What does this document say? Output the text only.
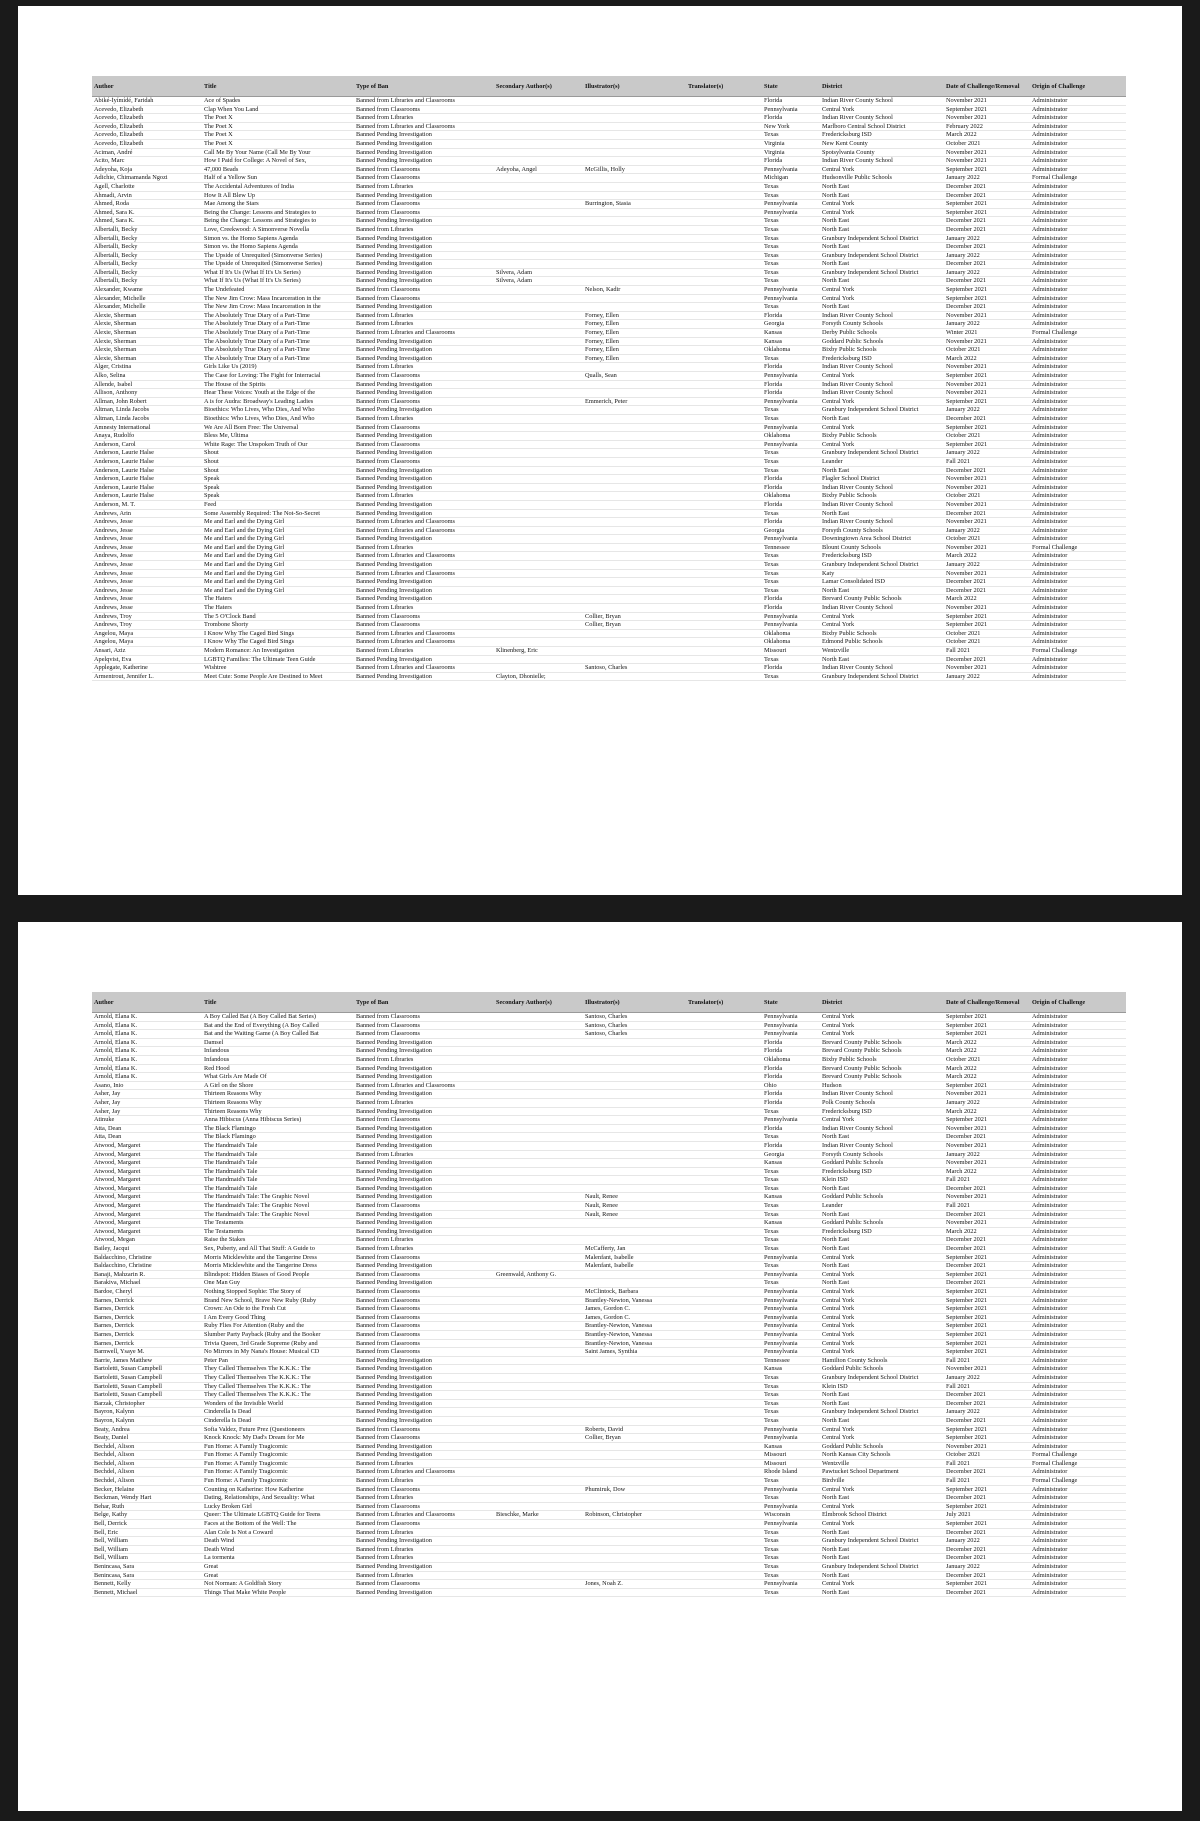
Author	Title	Type of Ban	Secondary Author(s)	Illustrator(s)	Translator(s)	State	District	Date of Challenge/Removal	Origin of Challenge
Abiké-Íyímídé, Faridah	Ace of Spades	Banned from Libraries and Classrooms				Florida	Indian River County School	November 2021	Administrator
Acevedo, Elizabeth	Clap When You Land	Banned from Classrooms				Pennsylvania	Central York	September 2021	Administrator
Acevedo, Elizabeth	The Poet X	Banned from Libraries				Florida	Indian River County School	November 2021	Administrator
Acevedo, Elizabeth	The Poet X	Banned from Libraries and Classrooms				New York	Marlboro Central School District	February 2022	Administrator
Acevedo, Elizabeth	The Poet X	Banned Pending Investigation				Texas	Fredericksburg ISD	March 2022	Administrator
Acevedo, Elizabeth	The Poet X	Banned Pending Investigation				Virginia	New Kent County	October 2021	Administrator
Aciman, André	Call Me By Your Name (Call Me By Your	Banned Pending Investigation				Virginia	Spotsylvania County	November 2021	Administrator
Acito, Marc	How I Paid for College: A Novel of Sex,	Banned Pending Investigation				Florida	Indian River County School	November 2021	Administrator
Adeyoha, Koja	47,000 Beads	Banned from Classrooms	Adeyoha, Angel	McGillis, Holly		Pennsylvania	Central York	September 2021	Administrator
Adichie, Chimamanda Ngozi	Half of a Yellow Sun	Banned from Classrooms				Michigan	Hudsonville Public Schools	January 2022	Formal Challenge
Agell, Charlotte	The Accidental Adventures of India	Banned from Libraries				Texas	North East	December 2021	Administrator
Ahmadi, Arvin	How It All Blew Up	Banned Pending Investigation				Texas	North East	December 2021	Administrator
Ahmed, Roda	Mae Among the Stars	Banned from Classrooms		Burrington, Stasia		Pennsylvania	Central York	September 2021	Administrator
Ahmed, Sara K.	Being the Change: Lessons and Strategies to	Banned from Classrooms				Pennsylvania	Central York	September 2021	Administrator
Ahmed, Sara K.	Being the Change: Lessons and Strategies to	Banned Pending Investigation				Texas	North East	December 2021	Administrator
Albertalli, Becky	Love, Creekwood: A Simonverse Novella	Banned from Libraries				Texas	North East	December 2021	Administrator
Albertalli, Becky	Simon vs. the Homo Sapiens Agenda	Banned Pending Investigation				Texas	Granbury Independent School District	January 2022	Administrator
Albertalli, Becky	Simon vs. the Homo Sapiens Agenda	Banned Pending Investigation				Texas	North East	December 2021	Administrator
Albertalli, Becky	The Upside of Unrequited (Simonverse Series)	Banned Pending Investigation				Texas	Granbury Independent School District	January 2022	Administrator
Albertalli, Becky	The Upside of Unrequited (Simonverse Series)	Banned Pending Investigation				Texas	North East	December 2021	Administrator
Albertalli, Becky	What If It's Us (What If It's Us Series)	Banned Pending Investigation	Silvera, Adam			Texas	Granbury Independent School District	January 2022	Administrator
Albertalli, Becky	What If It's Us (What If It's Us Series)	Banned Pending Investigation	Silvera, Adam			Texas	North East	December 2021	Administrator
Alexander, Kwame	The Undefeated	Banned from Classrooms		Nelson, Kadir		Pennsylvania	Central York	September 2021	Administrator
Alexander, Michelle	The New Jim Crow: Mass Incarceration in the	Banned from Classrooms				Pennsylvania	Central York	September 2021	Administrator
Alexander, Michelle	The New Jim Crow: Mass Incarceration in the	Banned Pending Investigation				Texas	North East	December 2021	Administrator
Alexie, Sherman	The Absolutely True Diary of a Part-Time	Banned from Libraries		Forney, Ellen		Florida	Indian River County School	November 2021	Administrator
Alexie, Sherman	The Absolutely True Diary of a Part-Time	Banned from Libraries		Forney, Ellen		Georgia	Forsyth County Schools	January 2022	Administrator
Alexie, Sherman	The Absolutely True Diary of a Part-Time	Banned from Libraries and Classrooms		Forney, Ellen		Kansas	Derby Public Schools	Winter 2021	Formal Challenge
Alexie, Sherman	The Absolutely True Diary of a Part-Time	Banned Pending Investigation		Forney, Ellen		Kansas	Goddard Public Schools	November 2021	Administrator
Alexie, Sherman	The Absolutely True Diary of a Part-Time	Banned Pending Investigation		Forney, Ellen		Oklahoma	Bixby Public Schools	October 2021	Administrator
Alexie, Sherman	The Absolutely True Diary of a Part-Time	Banned Pending Investigation		Forney, Ellen		Texas	Fredericksburg ISD	March 2022	Administrator
Alger, Cristina	Girls Like Us (2019)	Banned from Libraries				Florida	Indian River County School	November 2021	Administrator
Alko, Selina	The Case for Loving: The Fight for Interracial	Banned from Classrooms		Qualls, Sean		Pennsylvania	Central York	September 2021	Administrator
Allende, Isabel	The House of the Spirits	Banned Pending Investigation				Florida	Indian River County School	November 2021	Administrator
Allison, Anthony	Hear These Voices: Youth at the Edge of the	Banned Pending Investigation				Florida	Indian River County School	November 2021	Administrator
Allman, John Robert	A is for Audra: Broadway's Leading Ladies	Banned from Classrooms		Emmerich, Peter		Pennsylvania	Central York	September 2021	Administrator
Altman, Linda Jacobs	Bioethics: Who Lives, Who Dies, And Who	Banned Pending Investigation				Texas	Granbury Independent School District	January 2022	Administrator
Altman, Linda Jacobs	Bioethics: Who Lives, Who Dies, And Who	Banned from Libraries				Texas	North East	December 2021	Administrator
Amnesty International	We Are All Born Free: The Universal	Banned from Classrooms				Pennsylvania	Central York	September 2021	Administrator
Anaya, Rudolfo	Bless Me, Ultima	Banned Pending Investigation				Oklahoma	Bixby Public Schools	October 2021	Administrator
Anderson, Carol	White Rage: The Unspoken Truth of Our	Banned from Classrooms				Pennsylvania	Central York	September 2021	Administrator
Anderson, Laurie Halse	Shout	Banned Pending Investigation				Texas	Granbury Independent School District	January 2022	Administrator
Anderson, Laurie Halse	Shout	Banned from Classrooms				Texas	Leander	Fall 2021	Administrator
Anderson, Laurie Halse	Shout	Banned Pending Investigation				Texas	North East	December 2021	Administrator
Anderson, Laurie Halse	Speak	Banned Pending Investigation				Florida	Flagler School District	November 2021	Administrator
Anderson, Laurie Halse	Speak	Banned Pending Investigation				Florida	Indian River County School	November 2021	Administrator
Anderson, Laurie Halse	Speak	Banned from Libraries				Oklahoma	Bixby Public Schools	October 2021	Administrator
Anderson, M. T.	Feed	Banned Pending Investigation				Florida	Indian River County School	November 2021	Administrator
Andrews, Arin	Some Assembly Required: The Not-So-Secret	Banned Pending Investigation				Texas	North East	December 2021	Administrator
Andrews, Jesse	Me and Earl and the Dying Girl	Banned from Libraries and Classrooms				Florida	Indian River County School	November 2021	Administrator
Andrews, Jesse	Me and Earl and the Dying Girl	Banned from Libraries and Classrooms				Georgia	Forsyth County Schools	January 2022	Administrator
Andrews, Jesse	Me and Earl and the Dying Girl	Banned Pending Investigation				Pennsylvania	Downingtown Area School District	October 2021	Administrator
Andrews, Jesse	Me and Earl and the Dying Girl	Banned from Libraries				Tennessee	Blount County Schools	November 2021	Formal Challenge
Andrews, Jesse	Me and Earl and the Dying Girl	Banned from Libraries and Classrooms				Texas	Fredericksburg ISD	March 2022	Administrator
Andrews, Jesse	Me and Earl and the Dying Girl	Banned Pending Investigation				Texas	Granbury Independent School District	January 2022	Administrator
Andrews, Jesse	Me and Earl and the Dying Girl	Banned from Libraries and Classrooms				Texas	Katy	November 2021	Administrator
Andrews, Jesse	Me and Earl and the Dying Girl	Banned Pending Investigation				Texas	Lamar Consolidated ISD	December 2021	Administrator
Andrews, Jesse	Me and Earl and the Dying Girl	Banned Pending Investigation				Texas	North East	December 2021	Administrator
Andrews, Jesse	The Haters	Banned Pending Investigation				Florida	Brevard County Public Schools	March 2022	Administrator
Andrews, Jesse	The Haters	Banned from Libraries				Florida	Indian River County School	November 2021	Administrator
Andrews, Troy	The 5 O'Clock Band	Banned from Classrooms		Collier, Bryan		Pennsylvania	Central York	September 2021	Administrator
Andrews, Troy	Trombone Shorty	Banned from Classrooms		Collier, Bryan		Pennsylvania	Central York	September 2021	Administrator
Angelou, Maya	I Know Why The Caged Bird Sings	Banned from Libraries and Classrooms				Oklahoma	Bixby Public Schools	October 2021	Administrator
Angelou, Maya	I Know Why The Caged Bird Sings	Banned from Libraries and Classrooms				Oklahoma	Edmond Public Schools	October 2021	Administrator
Ansari, Aziz	Modern Romance: An Investigation	Banned from Libraries	Klinenberg, Eric			Missouri	Wentzville	Fall 2021	Formal Challenge
Apelqvist, Eva	LGBTQ Families: The Ultimate Teen Guide	Banned Pending Investigation				Texas	North East	December 2021	Administrator
Applegate, Katherine	Wishtree	Banned from Libraries and Classrooms		Santoso, Charles		Florida	Indian River County School	November 2021	Administrator
Armentrout, Jennifer L.	Meet Cute: Some People Are Destined to Meet	Banned Pending Investigation	Clayton, Dhonielle;			Texas	Granbury Independent School District	January 2022	Administrator
Author	Title	Type of Ban	Secondary Author(s)	Illustrator(s)	Translator(s)	State	District	Date of Challenge/Removal	Origin of Challenge
Arnold, Elana K.	A Boy Called Bat (A Boy Called Bat Series)	Banned from Classrooms		Santoso, Charles		Pennsylvania	Central York	September 2021	Administrator
Arnold, Elana K.	Bat and the End of Everything (A Boy Called	Banned from Classrooms		Santoso, Charles		Pennsylvania	Central York	September 2021	Administrator
Arnold, Elana K.	Bat and the Waiting Game (A Boy Called Bat	Banned from Classrooms		Santoso, Charles		Pennsylvania	Central York	September 2021	Administrator
Arnold, Elana K.	Damsel	Banned Pending Investigation				Florida	Brevard County Public Schools	March 2022	Administrator
Arnold, Elana K.	Infandous	Banned Pending Investigation				Florida	Brevard County Public Schools	March 2022	Administrator
Arnold, Elana K.	Infandous	Banned from Libraries				Oklahoma	Bixby Public Schools	October 2021	Administrator
Arnold, Elana K.	Red Hood	Banned Pending Investigation				Florida	Brevard County Public Schools	March 2022	Administrator
Arnold, Elana K.	What Girls Are Made Of	Banned Pending Investigation				Florida	Brevard County Public Schools	March 2022	Administrator
Asano, Inio	A Girl on the Shore	Banned from Libraries and Classrooms				Ohio	Hudson	September 2021	Administrator
Asher, Jay	Thirteen Reasons Why	Banned Pending Investigation				Florida	Indian River County School	November 2021	Administrator
Asher, Jay	Thirteen Reasons Why	Banned from Libraries				Florida	Polk County Schools	January 2022	Administrator
Asher, Jay	Thirteen Reasons Why	Banned Pending Investigation				Texas	Fredericksburg ISD	March 2022	Administrator
Atinuke	Anna Hibiscus (Anna Hibiscus Series)	Banned from Classrooms				Pennsylvania	Central York	September 2021	Administrator
Atta, Dean	The Black Flamingo	Banned Pending Investigation				Florida	Indian River County School	November 2021	Administrator
Atta, Dean	The Black Flamingo	Banned Pending Investigation				Texas	North East	December 2021	Administrator
Atwood, Margaret	The Handmaid's Tale	Banned Pending Investigation				Florida	Indian River County School	November 2021	Administrator
Atwood, Margaret	The Handmaid's Tale	Banned from Libraries				Georgia	Forsyth County Schools	January 2022	Administrator
Atwood, Margaret	The Handmaid's Tale	Banned Pending Investigation				Kansas	Goddard Public Schools	November 2021	Administrator
Atwood, Margaret	The Handmaid's Tale	Banned Pending Investigation				Texas	Fredericksburg ISD	March 2022	Administrator
Atwood, Margaret	The Handmaid's Tale	Banned Pending Investigation				Texas	Klein ISD	Fall 2021	Administrator
Atwood, Margaret	The Handmaid's Tale	Banned Pending Investigation				Texas	North East	December 2021	Administrator
Atwood, Margaret	The Handmaid's Tale: The Graphic Novel	Banned Pending Investigation		Nault, Renee		Kansas	Goddard Public Schools	November 2021	Administrator
Atwood, Margaret	The Handmaid's Tale: The Graphic Novel	Banned from Classrooms		Nault, Renee		Texas	Leander	Fall 2021	Administrator
Atwood, Margaret	The Handmaid's Tale: The Graphic Novel	Banned Pending Investigation		Nault, Renee		Texas	North East	December 2021	Administrator
Atwood, Margaret	The Testaments	Banned Pending Investigation				Kansas	Goddard Public Schools	November 2021	Administrator
Atwood, Margaret	The Testaments	Banned Pending Investigation				Texas	Fredericksburg ISD	March 2022	Administrator
Atwood, Megan	Raise the Stakes	Banned from Libraries				Texas	North East	December 2021	Administrator
Bailey, Jacqui	Sex, Puberty, and All That Stuff: A Guide to	Banned from Libraries		McCafferty, Jan		Texas	North East	December 2021	Administrator
Baldacchino, Christine	Morris Micklewhite and the Tangerine Dress	Banned from Classrooms		Malenfant, Isabelle		Pennsylvania	Central York	September 2021	Administrator
Baldacchino, Christine	Morris Micklewhite and the Tangerine Dress	Banned Pending Investigation		Malenfant, Isabelle		Texas	North East	December 2021	Administrator
Banaji, Mahzarin R.	Blindspot: Hidden Biases of Good People	Banned from Classrooms	Greenwald, Anthony G.			Pennsylvania	Central York	September 2021	Administrator
Barakiva, Michael	One Man Guy	Banned Pending Investigation				Texas	North East	December 2021	Administrator
Bardoe, Cheryl	Nothing Stopped Sophie: The Story of	Banned from Classrooms		McClintock, Barbara		Pennsylvania	Central York	September 2021	Administrator
Barnes, Derrick	Brand New School, Brave New Ruby (Ruby	Banned from Classrooms		Brantley-Newton, Vanessa		Pennsylvania	Central York	September 2021	Administrator
Barnes, Derrick	Crown: An Ode to the Fresh Cut	Banned from Classrooms		James, Gordon C.		Pennsylvania	Central York	September 2021	Administrator
Barnes, Derrick	I Am Every Good Thing	Banned from Classrooms		James, Gordon C.		Pennsylvania	Central York	September 2021	Administrator
Barnes, Derrick	Ruby Flies For Attention (Ruby and the	Banned from Classrooms		Brantley-Newton, Vanessa		Pennsylvania	Central York	September 2021	Administrator
Barnes, Derrick	Slumber Party Payback (Ruby and the Booker	Banned from Classrooms		Brantley-Newton, Vanessa		Pennsylvania	Central York	September 2021	Administrator
Barnes, Derrick	Trivia Queen, 3rd Grade Supreme (Ruby and	Banned from Classrooms		Brantley-Newton, Vanessa		Pennsylvania	Central York	September 2021	Administrator
Barnwell, Ysaye M.	No Mirrors in My Nana's House: Musical CD	Banned from Classrooms		Saint James, Synthia		Pennsylvania	Central York	September 2021	Administrator
Barrie, James Matthew	Peter Pan	Banned Pending Investigation				Tennessee	Hamilton County Schools	Fall 2021	Administrator
Bartoletti, Susan Campbell	They Called Themselves The K.K.K.: The	Banned Pending Investigation				Kansas	Goddard Public Schools	November 2021	Administrator
Bartoletti, Susan Campbell	They Called Themselves The K.K.K.: The	Banned Pending Investigation				Texas	Granbury Independent School District	January 2022	Administrator
Bartoletti, Susan Campbell	They Called Themselves The K.K.K.: The	Banned Pending Investigation				Texas	Klein ISD	Fall 2021	Administrator
Bartoletti, Susan Campbell	They Called Themselves The K.K.K.: The	Banned Pending Investigation				Texas	North East	December 2021	Administrator
Barzak, Christopher	Wonders of the Invisible World	Banned Pending Investigation				Texas	North East	December 2021	Administrator
Bayron, Kalynn	Cinderella Is Dead	Banned Pending Investigation				Texas	Granbury Independent School District	January 2022	Administrator
Bayron, Kalynn	Cinderella Is Dead	Banned Pending Investigation				Texas	North East	December 2021	Administrator
Beaty, Andrea	Sofia Valdez, Future Prez (Questioneers	Banned from Classrooms		Roberts, David		Pennsylvania	Central York	September 2021	Administrator
Beaty, Daniel	Knock Knock: My Dad's Dream for Me	Banned from Classrooms		Collier, Bryan		Pennsylvania	Central York	September 2021	Administrator
Bechdel, Alison	Fun Home: A Family Tragicomic	Banned Pending Investigation				Kansas	Goddard Public Schools	November 2021	Administrator
Bechdel, Alison	Fun Home: A Family Tragicomic	Banned Pending Investigation				Missouri	North Kansas City Schools	October 2021	Formal Challenge
Bechdel, Alison	Fun Home: A Family Tragicomic	Banned from Libraries				Missouri	Wentzville	Fall 2021	Formal Challenge
Bechdel, Alison	Fun Home: A Family Tragicomic	Banned from Libraries and Classrooms				Rhode Island	Pawtucket School Department	December 2021	Administrator
Bechdel, Alison	Fun Home: A Family Tragicomic	Banned from Libraries				Texas	Birdville	Fall 2021	Formal Challenge
Becker, Helaine	Counting on Katherine: How Katherine	Banned from Classrooms		Phumiruk, Dow		Pennsylvania	Central York	September 2021	Administrator
Beckman, Wendy Hart	Dating, Relationships, And Sexuality: What	Banned from Libraries				Texas	North East	December 2021	Administrator
Behar, Ruth	Lucky Broken Girl	Banned from Classrooms				Pennsylvania	Central York	September 2021	Administrator
Belge, Kathy	Queer: The Ultimate LGBTQ Guide for Teens	Banned from Libraries and Classrooms	Bieschke, Marke	Robinson, Christopher		Wisconsin	Elmbrook School District	July 2021	Administrator
Bell, Derrick	Faces at the Bottom of the Well: The	Banned from Classrooms				Pennsylvania	Central York	September 2021	Administrator
Bell, Eric	Alan Cole Is Not a Coward	Banned from Libraries				Texas	North East	December 2021	Administrator
Bell, William	Death Wind	Banned Pending Investigation				Texas	Granbury Independent School District	January 2022	Administrator
Bell, William	Death Wind	Banned from Libraries				Texas	North East	December 2021	Administrator
Bell, William	La tormenta	Banned from Libraries				Texas	North East	December 2021	Administrator
Benincasa, Sara	Great	Banned Pending Investigation				Texas	Granbury Independent School District	January 2022	Administrator
Benincasa, Sara	Great	Banned from Libraries				Texas	North East	December 2021	Administrator
Bennett, Kelly	Not Norman: A Goldfish Story	Banned from Classrooms		Jones, Noah Z.		Pennsylvania	Central York	September 2021	Administrator
Bennett, Michael	Things That Make White People	Banned Pending Investigation				Texas	North East	December 2021	Administrator
